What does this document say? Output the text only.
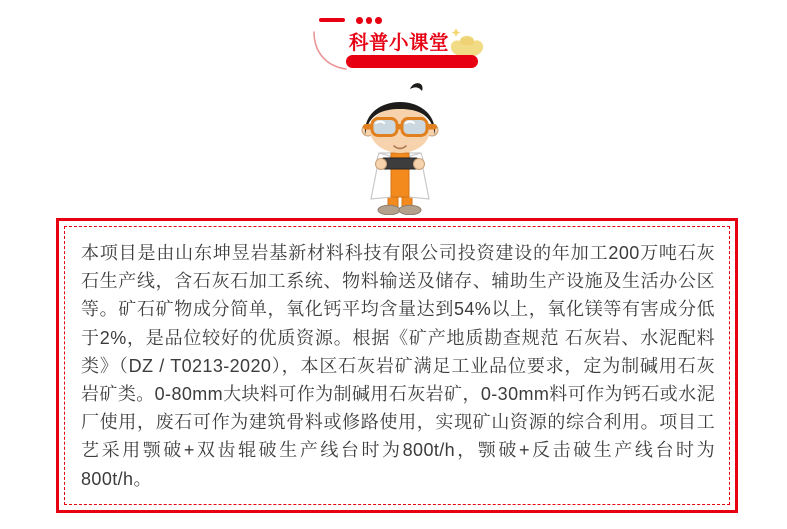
科普小课堂

本项目是由山东坤昱岩基新材料科技有限公司投资建设的年加工200万吨石灰石生产线，含石灰石加工系统、物料输送及储存、辅助生产设施及生活办公区等。矿石矿物成分简单，氧化钙平均含量达到54%以上，氧化镁等有害成分低于2%，是品位较好的优质资源。根据《矿产地质勘查规范 石灰岩、水泥配料类》（DZ / T0213-2020），本区石灰岩矿满足工业品位要求，定为制碱用石灰岩矿类。0-80mm大块料可作为制碱用石灰岩矿，0-30mm料可作为钙石或水泥厂使用，废石可作为建筑骨料或修路使用，实现矿山资源的综合利用。项目工艺采用颚破+双齿辊破生产线台时为800t/h，颚破+反击破生产线台时为800t/h。
